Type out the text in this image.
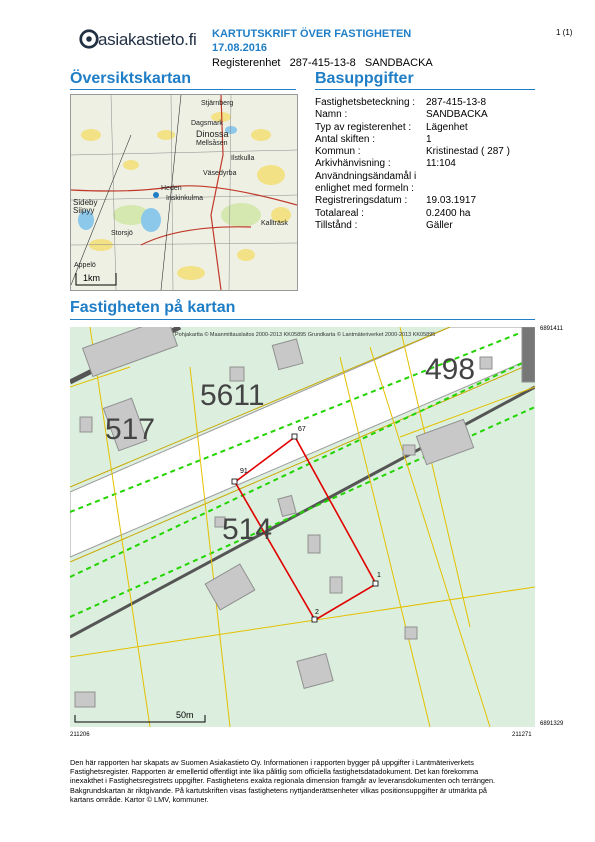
asiakastieto.fi KARTUTSKRIFT ÖVER FASTIGHETEN
17.08.2016
Registerenhet 287-415-13-8 SANDBACKA
1 (1)
Översiktskartan	Basuppgifter
Stjärnberg
Dagsmark
Dinossa
Mellsåsen
Ilstkulla
Väsedyrba
Sideby
Siipyy
Heden
Inskinkulma
Kallträsk
Storsjö
Appelö
1km
Fastighetsbeteckning :	287-415-13-8
Namn :	SANDBACKA
Typ av registerenhet :	Lägenhet
Antal skiften :	1
Kommun :	Kristinestad ( 287 )
Arkivhänvisning :	11:104
Användningsändamål i
enlighet med formeln :
Registreringsdatum :	19.03.1917
Totalareal :	0.2400 ha
Tillstånd :	Gäller
Fastigheten på kartan
67
91
1
2
517
5611
498
514
Pohjakartta © Maanmittauslaitos 2000-2013 KK05895 Grundkarta © Lantmäteriverket 2000-2013 KK05895
50m
6891411
6891329
211206	211271
Den här rapporten har skapats av Suomen Asiakastieto Oy. Informationen i rapporten bygger på uppgifter i Lantmäteriverkets
Fastighetsregister. Rapporten är emellertid offentligt inte lika pålitlig som officiella fastighetsdatadokument. Det kan förekomma
inexakthet i Fastighetsregistrets uppgifter. Fastighetens exakta regionala dimension framgår av leveransdokumenten och terrängen.
Bakgrundskartan är riktgivande. På kartutskriften visas fastighetens nyttjanderättsenheter vilkas positionsuppgifter är utmärkta på
kartans område. Kartor © LMV, kommuner.
